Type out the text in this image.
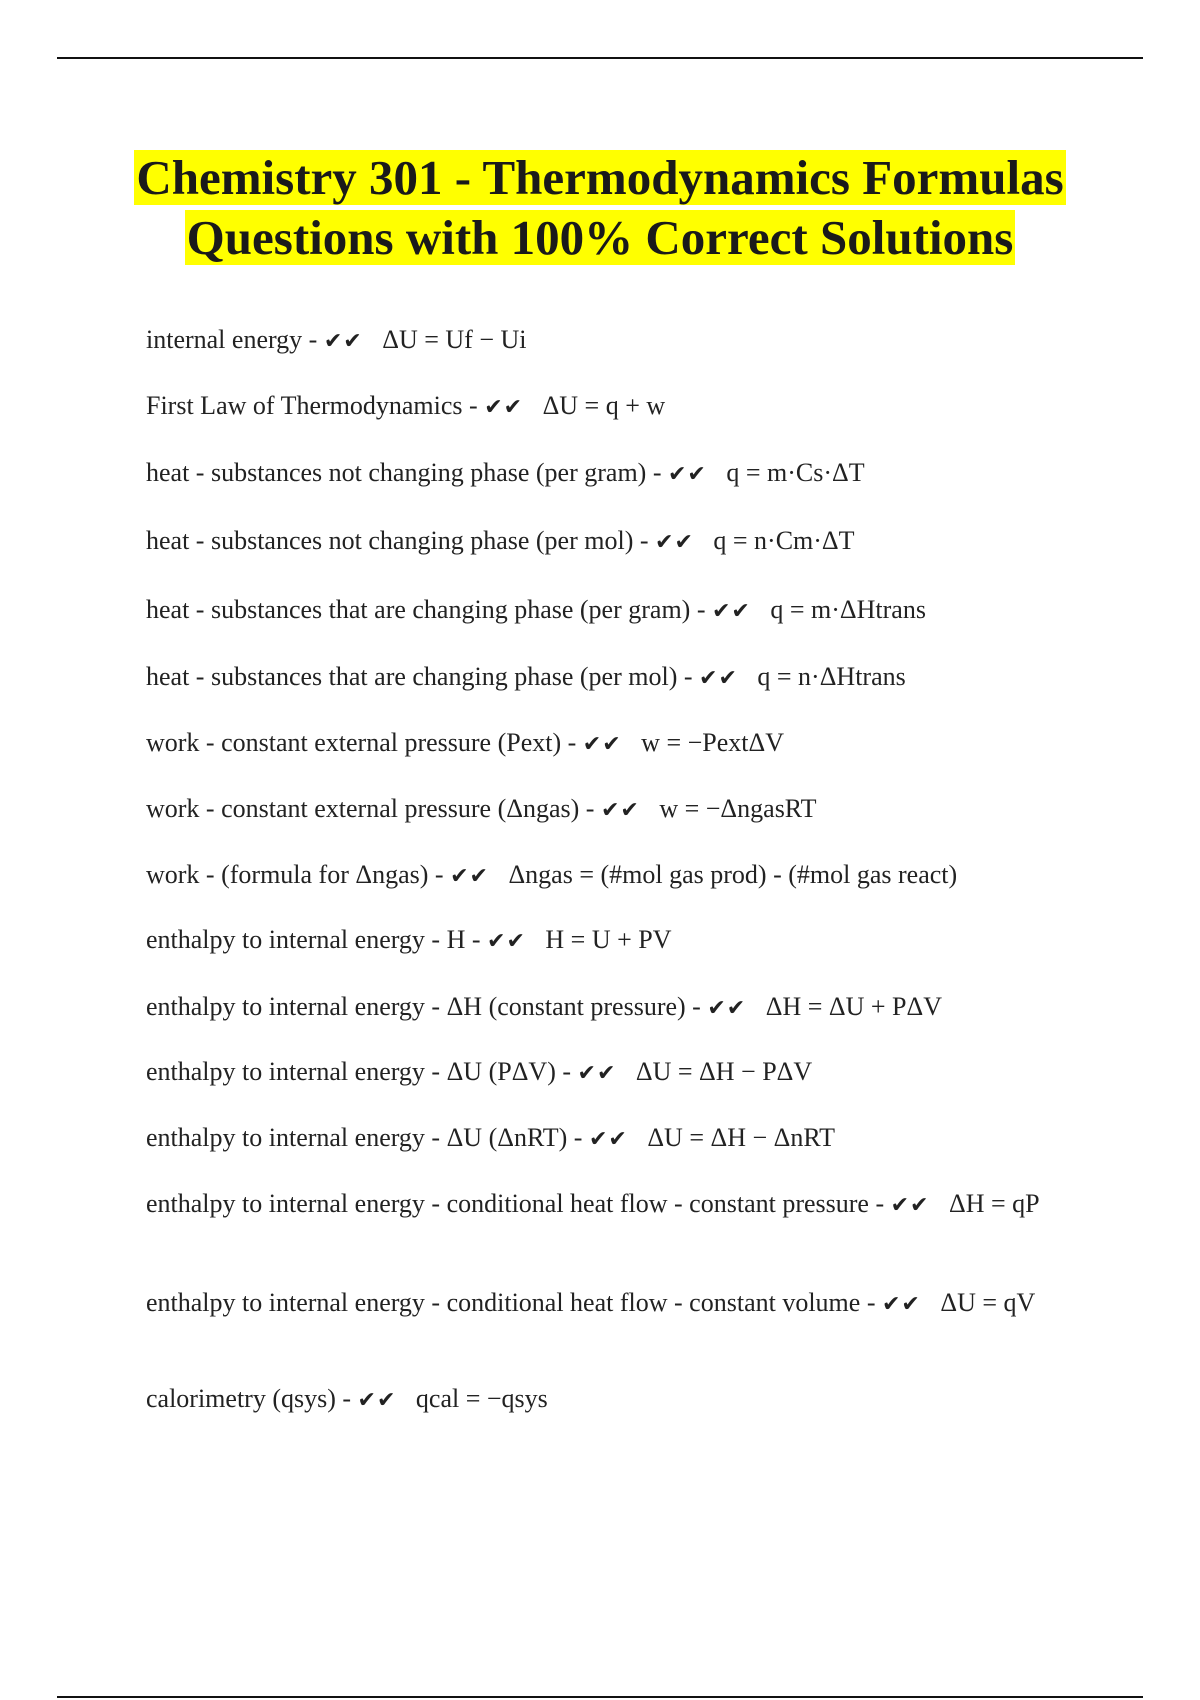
Chemistry 301 - Thermodynamics Formulas Questions with 100% Correct Solutions
internal energy - ✔✔ ΔU = Uf − Ui
First Law of Thermodynamics - ✔✔ ΔU = q + w
heat - substances not changing phase (per gram) - ✔✔ q = m·Cs·ΔT
heat - substances not changing phase (per mol) - ✔✔ q = n·Cm·ΔT
heat - substances that are changing phase (per gram) - ✔✔ q = m·ΔHtrans
heat - substances that are changing phase (per mol) - ✔✔ q = n·ΔHtrans
work - constant external pressure (Pext) - ✔✔ w = −PextΔV
work - constant external pressure (Δngas) - ✔✔ w = −ΔngasRT
work - (formula for Δngas) - ✔✔ Δngas = (#mol gas prod) - (#mol gas react)
enthalpy to internal energy - H - ✔✔ H = U + PV
enthalpy to internal energy - ΔH (constant pressure) - ✔✔ ΔH = ΔU + PΔV
enthalpy to internal energy - ΔU (PΔV) - ✔✔ ΔU = ΔH − PΔV
enthalpy to internal energy - ΔU (ΔnRT) - ✔✔ ΔU = ΔH − ΔnRT
enthalpy to internal energy - conditional heat flow - constant pressure - ✔✔ ΔH = qP
enthalpy to internal energy - conditional heat flow - constant volume - ✔✔ ΔU = qV
calorimetry (qsys) - ✔✔ qcal = −qsys
